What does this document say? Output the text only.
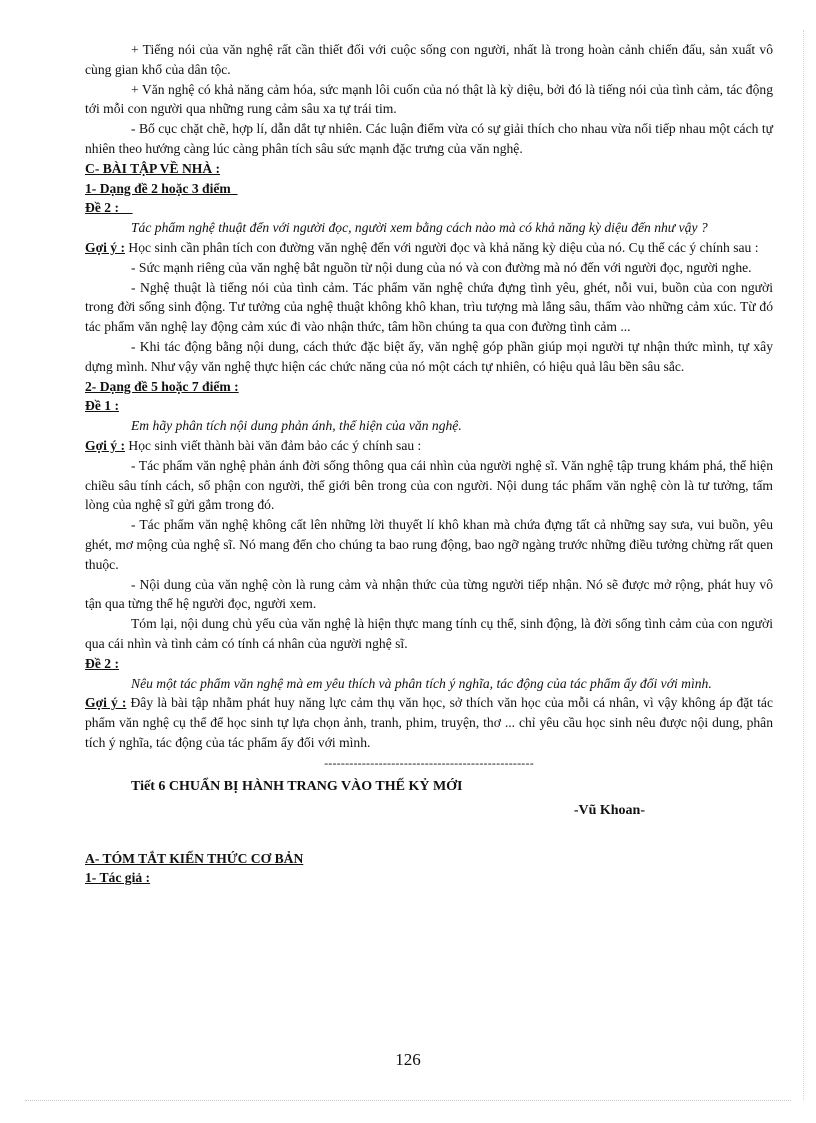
+ Tiếng nói của văn nghệ rất cần thiết đối với cuộc sống con người, nhất là trong hoàn cảnh chiến đấu, sản xuất vô cùng gian khổ của dân tộc.

+ Văn nghệ có khả năng cảm hóa, sức mạnh lôi cuốn của nó thật là kỳ diệu, bởi đó là tiếng nói của tình cảm, tác động tới mỗi con người qua những rung cảm sâu xa tự trái tim.

- Bố cục chặt chẽ, hợp lí, dẫn dắt tự nhiên. Các luận điểm vừa có sự giải thích cho nhau vừa nối tiếp nhau một cách tự nhiên theo hướng càng lúc càng phân tích sâu sức mạnh đặc trưng của văn nghệ.

C- BÀI TẬP VỀ NHÀ :

1- Dạng đề 2 hoặc 3 điểm

Đề 2 :

Tác phẩm nghệ thuật đến với người đọc, người xem bằng cách nào mà có khả năng kỳ diệu đến như vậy ?

Gợi ý : Học sinh cần phân tích con đường văn nghệ đến với người đọc và khả năng kỳ diệu của nó. Cụ thể các ý chính sau :

- Sức mạnh riêng của văn nghệ bắt nguồn từ nội dung của nó và con đường mà nó đến với người đọc, người nghe.

- Nghệ thuật là tiếng nói của tình cảm. Tác phẩm văn nghệ chứa đựng tình yêu, ghét, nỗi vui, buồn của con người trong đời sống sinh động. Tư tưởng của nghệ thuật không khô khan, trìu tượng mà lắng sâu, thấm vào những cảm xúc. Từ đó tác phẩm văn nghệ lay động cảm xúc đi vào nhận thức, tâm hồn chúng ta qua con đường tình cảm ...

- Khi tác động bằng nội dung, cách thức đặc biệt ấy, văn nghệ góp phần giúp mọi người tự nhận thức mình, tự xây dựng mình. Như vậy văn nghệ thực hiện các chức năng của nó một cách tự nhiên, có hiệu quả lâu bền sâu sắc.

2- Dạng đề 5 hoặc 7 điểm :

Đề 1 :

Em hãy phân tích nội dung phản ánh, thể hiện của văn nghệ.

Gợi ý : Học sinh viết thành bài văn đảm bảo các ý chính sau :

- Tác phẩm văn nghệ phản ánh đời sống thông qua cái nhìn của người nghệ sĩ. Văn nghệ tập trung khám phá, thể hiện chiều sâu tính cách, số phận con người, thế giới bên trong của con người. Nội dung tác phẩm văn nghệ còn là tư tưởng, tấm lòng của nghệ sĩ gửi gắm trong đó.

- Tác phẩm văn nghệ không cất lên những lời thuyết lí khô khan mà chứa đựng tất cả những say sưa, vui buồn, yêu ghét, mơ mộng của nghệ sĩ. Nó mang đến cho chúng ta bao rung động, bao ngỡ ngàng trước những điều tưởng chừng rất quen thuộc.

- Nội dung của văn nghệ còn là rung cảm và nhận thức của từng người tiếp nhận. Nó sẽ được mở rộng, phát huy vô tận qua từng thế hệ người đọc, người xem.

Tóm lại, nội dung chủ yếu của văn nghệ là hiện thực mang tính cụ thể, sinh động, là đời sống tình cảm của con người qua cái nhìn và tình cảm có tính cá nhân của người nghệ sĩ.

Đề 2 :

Nêu một tác phẩm văn nghệ mà em yêu thích và phân tích ý nghĩa, tác động của tác phẩm ấy đối với mình.

Gợi ý : Đây là bài tập nhằm phát huy năng lực cảm thụ văn học, sở thích văn học của mỗi cá nhân, vì vậy không áp đặt tác phẩm văn nghệ cụ thể để học sinh tự lựa chọn ảnh, tranh, phim, truyện, thơ ... chỉ yêu cầu học sinh nêu được nội dung, phân tích ý nghĩa, tác động của tác phẩm ấy đối với mình.

--------------------------------------------------

Tiết 6 CHUẨN BỊ HÀNH TRANG VÀO THẾ KỶ MỚI

-Vũ Khoan-

A- TÓM TẮT KIẾN THỨC CƠ BẢN

1- Tác giả :

126
